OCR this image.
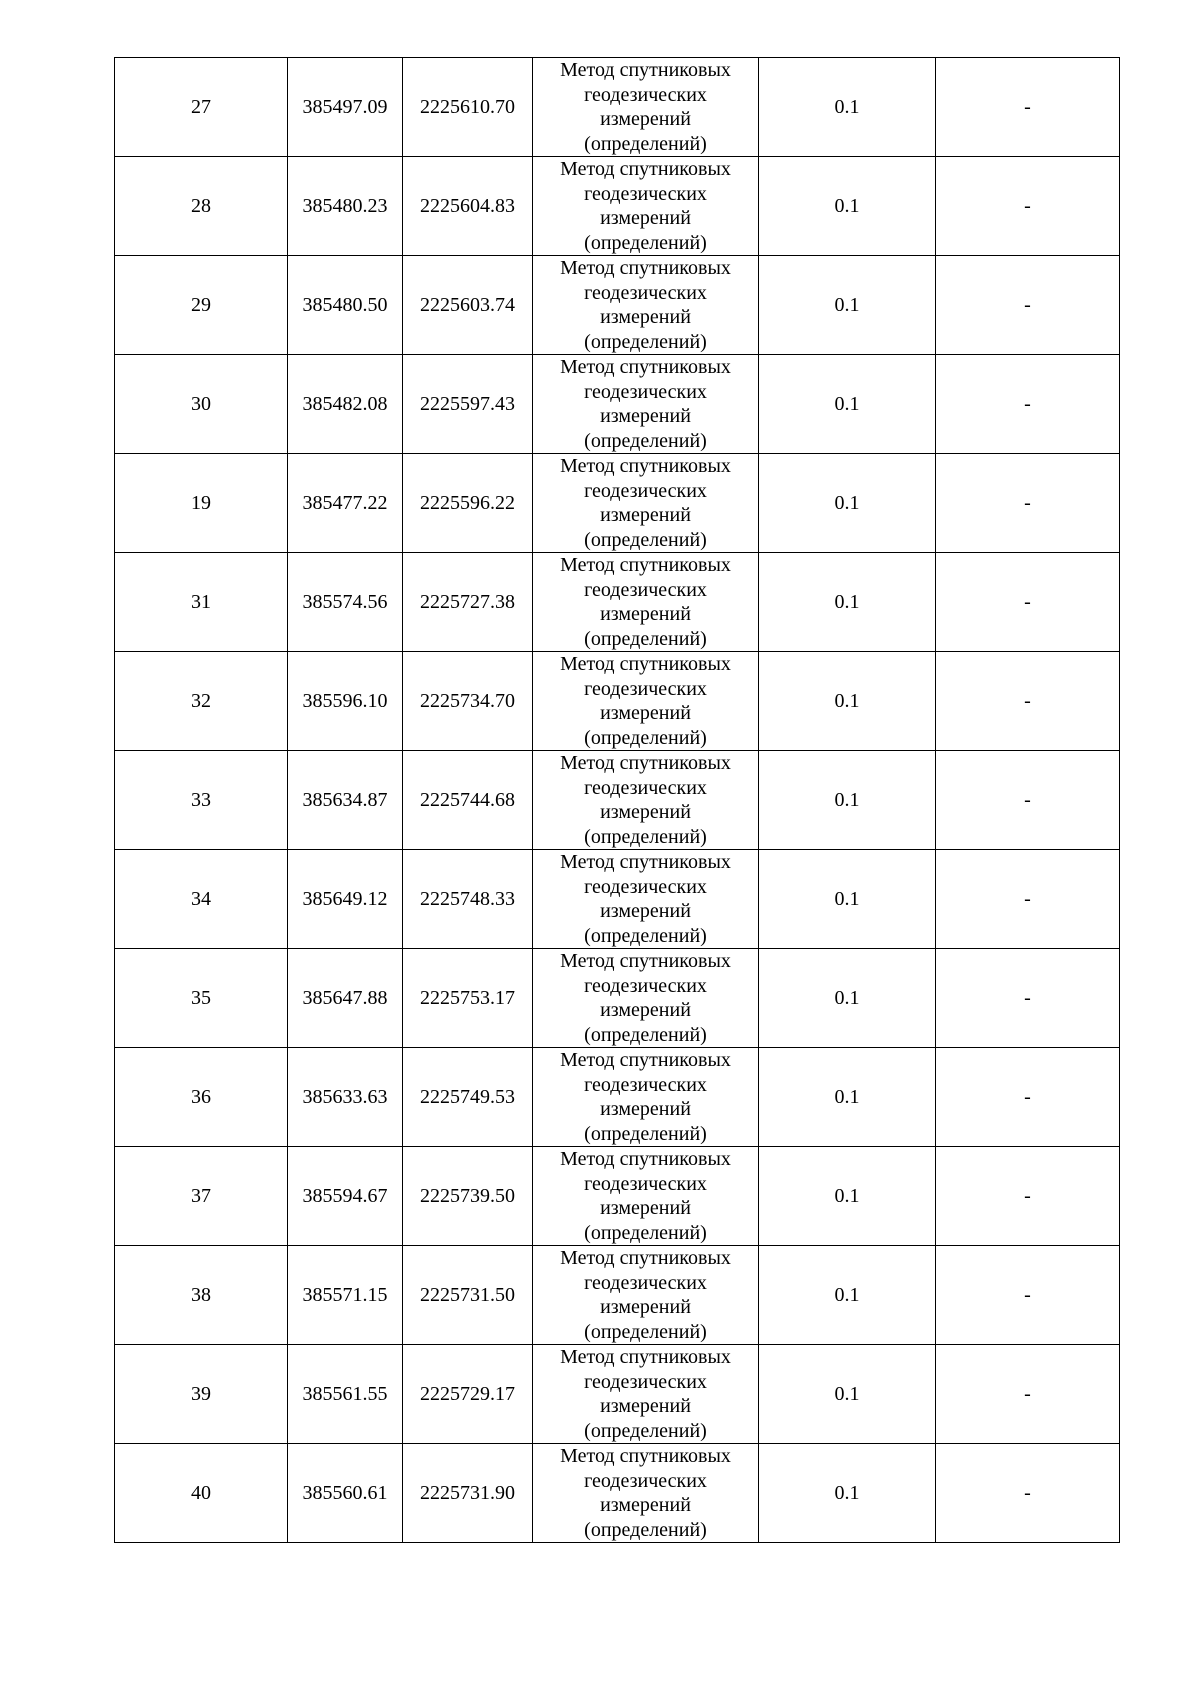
27	385497.09	2225610.70	Метод спутниковых геодезических измерений (определений)	0.1	-
28	385480.23	2225604.83	Метод спутниковых геодезических измерений (определений)	0.1	-
29	385480.50	2225603.74	Метод спутниковых геодезических измерений (определений)	0.1	-
30	385482.08	2225597.43	Метод спутниковых геодезических измерений (определений)	0.1	-
19	385477.22	2225596.22	Метод спутниковых геодезических измерений (определений)	0.1	-
31	385574.56	2225727.38	Метод спутниковых геодезических измерений (определений)	0.1	-
32	385596.10	2225734.70	Метод спутниковых геодезических измерений (определений)	0.1	-
33	385634.87	2225744.68	Метод спутниковых геодезических измерений (определений)	0.1	-
34	385649.12	2225748.33	Метод спутниковых геодезических измерений (определений)	0.1	-
35	385647.88	2225753.17	Метод спутниковых геодезических измерений (определений)	0.1	-
36	385633.63	2225749.53	Метод спутниковых геодезических измерений (определений)	0.1	-
37	385594.67	2225739.50	Метод спутниковых геодезических измерений (определений)	0.1	-
38	385571.15	2225731.50	Метод спутниковых геодезических измерений (определений)	0.1	-
39	385561.55	2225729.17	Метод спутниковых геодезических измерений (определений)	0.1	-
40	385560.61	2225731.90	Метод спутниковых геодезических измерений (определений)	0.1	-
